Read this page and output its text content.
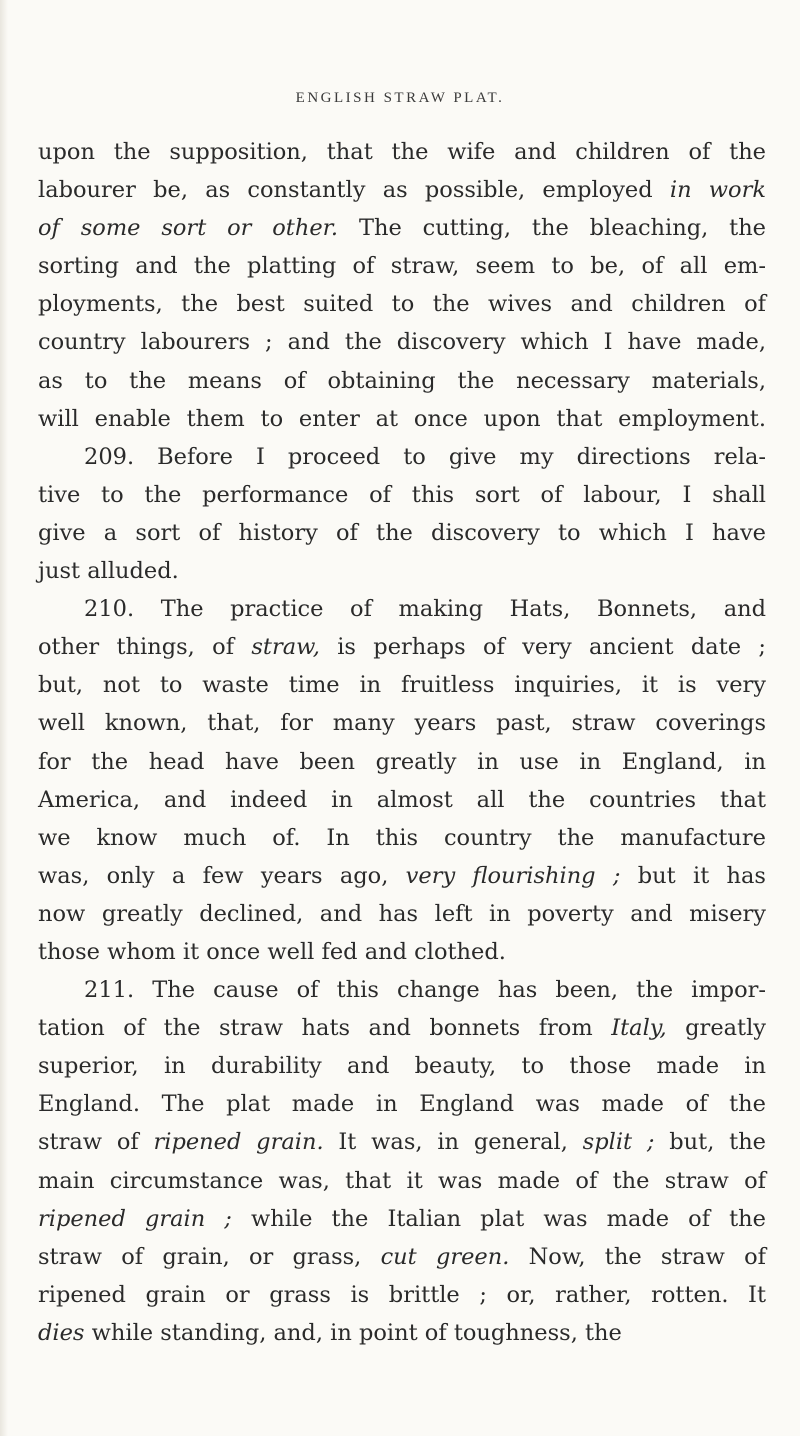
ENGLISH STRAW PLAT.
upon the supposition, that the wife and children of the
labourer be, as constantly as possible, employed in work
of some sort or other. The cutting, the bleaching, the
sorting and the platting of straw, seem to be, of all em-
ployments, the best suited to the wives and children of
country labourers ; and the discovery which I have made,
as to the means of obtaining the necessary materials,
will enable them to enter at once upon that employment.
209. Before I proceed to give my directions rela-
tive to the performance of this sort of labour, I shall
give a sort of history of the discovery to which I have
just alluded.
210. The practice of making Hats, Bonnets, and
other things, of straw, is perhaps of very ancient date ;
but, not to waste time in fruitless inquiries, it is very
well known, that, for many years past, straw coverings
for the head have been greatly in use in England, in
America, and indeed in almost all the countries that
we know much of. In this country the manufacture
was, only a few years ago, very flourishing ; but it has
now greatly declined, and has left in poverty and misery
those whom it once well fed and clothed.
211. The cause of this change has been, the impor-
tation of the straw hats and bonnets from Italy, greatly
superior, in durability and beauty, to those made in
England. The plat made in England was made of the
straw of ripened grain. It was, in general, split ; but, the
main circumstance was, that it was made of the straw of
ripened grain ; while the Italian plat was made of the
straw of grain, or grass, cut green. Now, the straw of
ripened grain or grass is brittle ; or, rather, rotten. It
dies while standing, and, in point of toughness, the
